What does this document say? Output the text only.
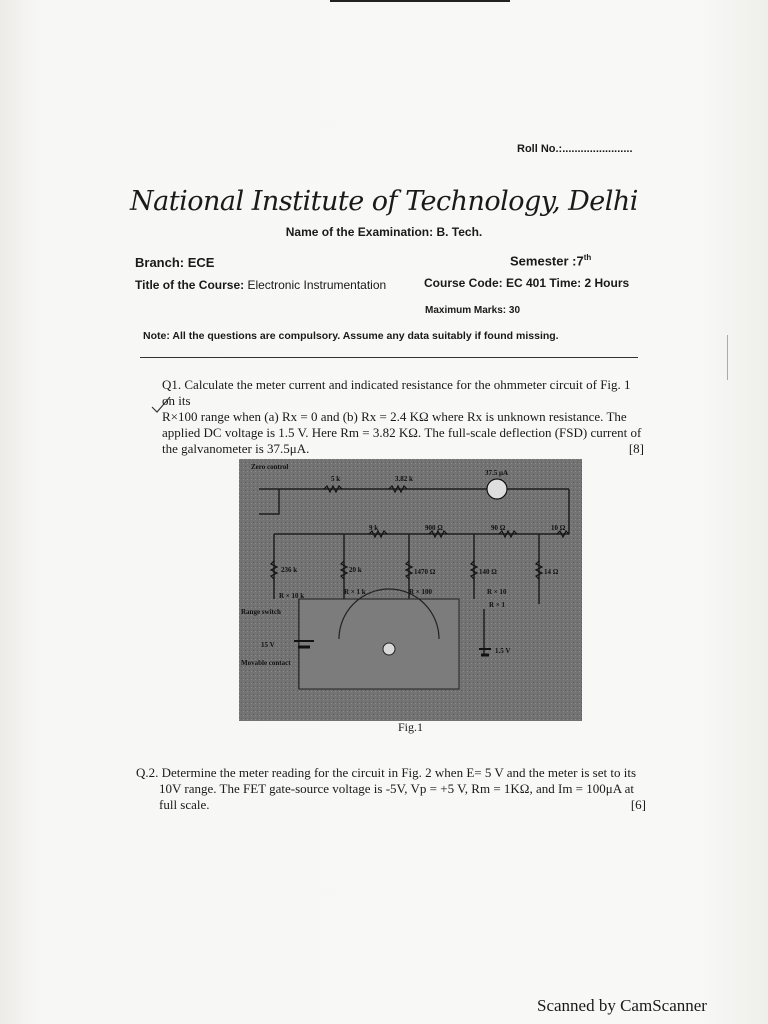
Roll No.:.......................
National Institute of Technology, Delhi
Name of the Examination: B. Tech.
Branch: ECE	Semester :7th
Title of the Course: Electronic Instrumentation	Course Code: EC 401 Time: 2 Hours
Maximum Marks: 30
Note: All the questions are compulsory. Assume any data suitably if found missing.
Q1. Calculate the meter current and indicated resistance for the ohmmeter circuit of Fig. 1 on its
R×100 range when (a) Rx = 0 and (b) Rx = 2.4 KΩ where Rx is unknown resistance. The
applied DC voltage is 1.5 V. Here Rm = 3.82 KΩ. The full-scale deflection (FSD) current of
the galvanometer is 37.5μA.	[8]
Zero control
5 k	3.82 k
37.5 μA
9 k	900 Ω	90 Ω	10 Ω
236 k	20 k	1470 Ω	140 Ω	14 Ω
R × 10 k	R × 1 k	R × 100	R × 10
R × 1
Range switch
15 V
Movable contact
1.5 V
Fig.1
Q.2. Determine the meter reading for the circuit in Fig. 2 when E= 5 V and the meter is set to its
10V range. The FET gate-source voltage is -5V, Vp = +5 V, Rm = 1KΩ, and Im = 100μA at
full scale.	[6]
Scanned by CamScanner
